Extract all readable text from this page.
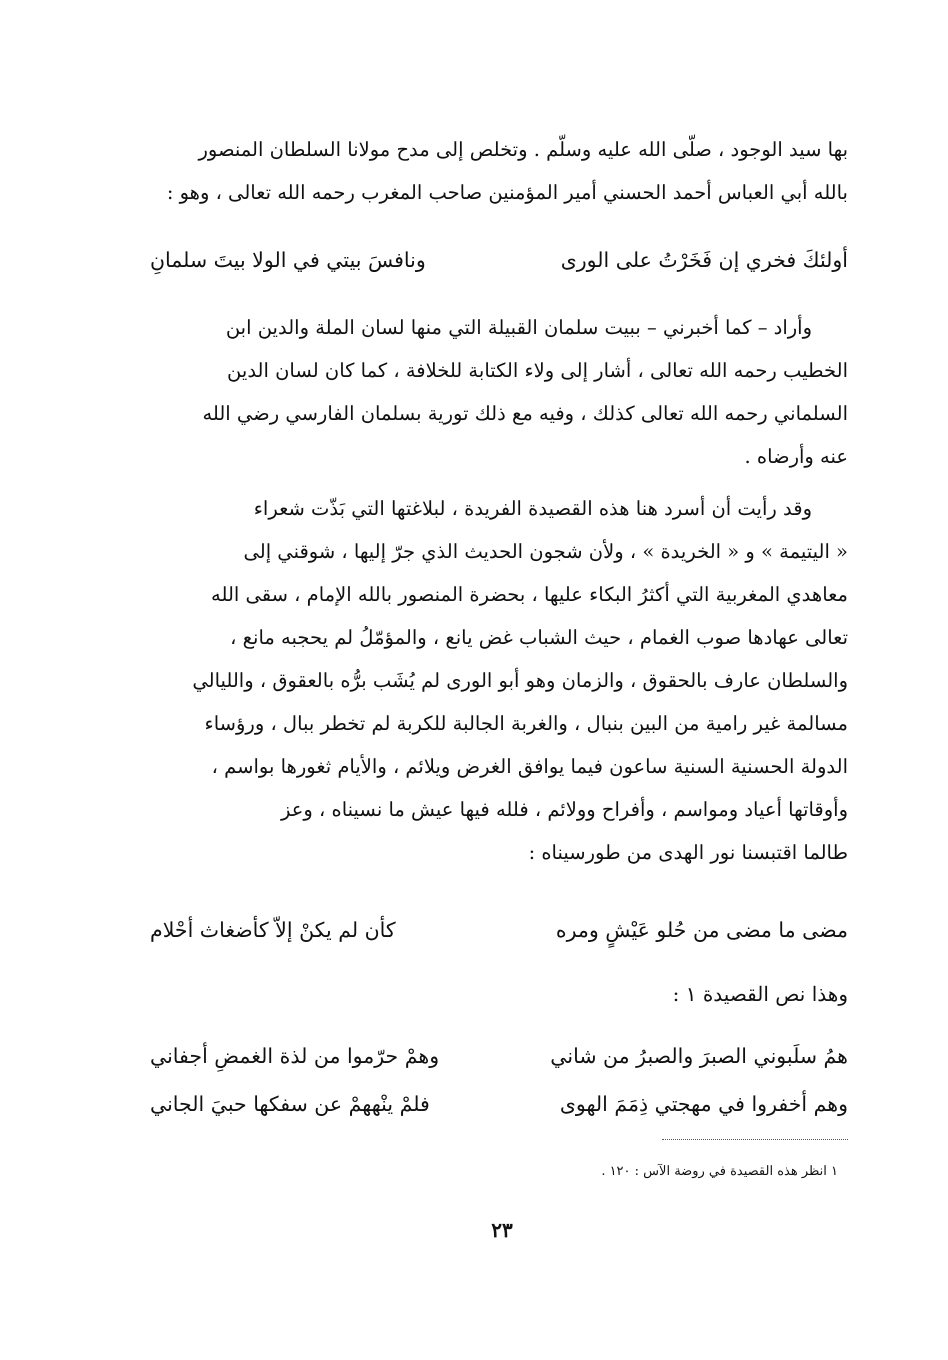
بها سيد الوجود ، صلّى الله عليه وسلّم . وتخلص إلى مدح مولانا السلطان المنصور

بالله أبي العباس أحمد الحسني أمير المؤمنين صاحب المغرب رحمه الله تعالى ، وهو :

أولئكَ فخري إن فَخَرْتُ على الورى
ونافسَ بيتي في الولا بيتَ سلمانِ

وأراد – كما أخبرني – ببيت سلمان القبيلة التي منها لسان الملة والدين ابن

الخطيب رحمه الله تعالى ، أشار إلى ولاء الكتابة للخلافة ، كما كان لسان الدين

السلماني رحمه الله تعالى كذلك ، وفيه مع ذلك تورية بسلمان الفارسي رضي الله

عنه وأرضاه .

وقد رأيت أن أسرد هنا هذه القصيدة الفريدة ، لبلاغتها التي بَذّت شعراء

« اليتيمة » و « الخريدة » ، ولأن شجون الحديث الذي جرّ إليها ، شوقني إلى

معاهدي المغربية التي أكثرُ البكاء عليها ، بحضرة المنصور بالله الإمام ، سقى الله

تعالى عهادها صوب الغمام ، حيث الشباب غض يانع ، والمؤمّلُ لم يحجبه مانع ،

والسلطان عارف بالحقوق ، والزمان وهو أبو الورى لم يُشَب برُّه بالعقوق ، والليالي

مسالمة غير رامية من البين بنبال ، والغربة الجالبة للكربة لم تخطر ببال ، ورؤساء

الدولة الحسنية السنية ساعون فيما يوافق الغرض ويلائم ، والأيام ثغورها بواسم ،

وأوقاتها أعياد ومواسم ، وأفراح وولائم ، فلله فيها عيش ما نسيناه ، وعز

طالما اقتبسنا نور الهدى من طورسيناه :

مضى ما مضى من حُلو عَيْشٍ ومره
كأن لم يكنْ إلاّ كأضغاث أحْلام
وهذا نص القصيدة ١ :
همُ سلَبوني الصبرَ والصبرُ من شاني
وهمْ حرّموا من لذة الغمضِ أجفاني
وهم أخفروا في مهجتي ذِمَمَ الهوى
فلمْ ينْههمْ عن سفكها حبيَ الجاني
١ انظر هذه القصيدة في روضة الآس : ١٢٠ .
٢٣
